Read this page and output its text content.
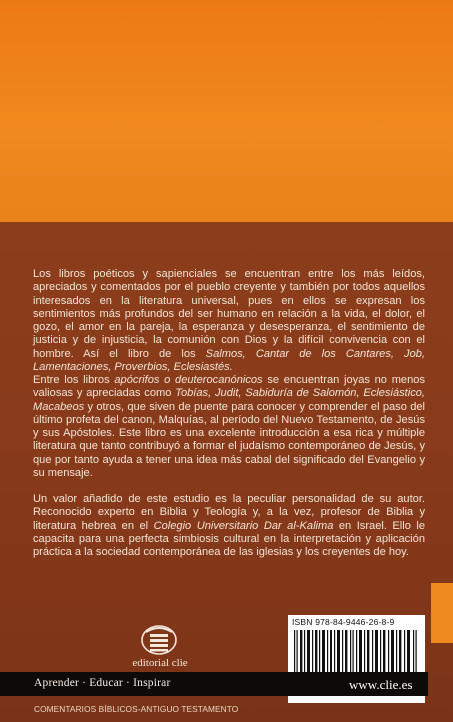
Los libros poéticos y sapienciales se encuentran entre los más leídos, apreciados y comentados por el pueblo creyente y también por todos aquellos interesados en la literatura universal, pues en ellos se expresan los sentimientos más profundos del ser humano en relación a la vida, el dolor, el gozo, el amor en la pareja, la esperanza y desesperanza, el sentimiento de justicia y de injusticia, la comunión con Dios y la difícil convivencia con el hombre. Así el libro de los Salmos, Cantar de los Cantares, Job, Lamentaciones, Proverbios, Eclesiastés.

Entre los libros apócrifos o deuterocanónicos se encuentran joyas no menos valiosas y apreciadas como Tobías, Judit, Sabiduría de Salomón, Eclesiástico, Macabeos y otros, que siven de puente para conocer y comprender el paso del último profeta del canon, Malquías, al período del Nuevo Testamento, de Jesús y sus Apóstoles. Este libro es una excelente introducción a esa rica y múltiple literatura que tanto contribuyó a formar el judaísmo contemporáneo de Jesús, y que por tanto ayuda a tener una idea más cabal del significado del Evangelio y su mensaje.

Un valor añadido de este estudio es la peculiar personalidad de su autor. Reconocido experto en Biblia y Teología y, a la vez, profesor de Biblia y literatura hebrea en el Colegio Universitario Dar al-Kalima en Israel. Ello le capacita para una perfecta simbiosis cultural en la interpretación y aplicación práctica a la sociedad contemporánea de las iglesias y los creyentes de hoy.

editorial clie
Aprender · Educar · Inspirar
ISBN 978-84-9446-26-8-9
www.clie.es
COMENTARIOS BÍBLICOS-ANTIGUO TESTAMENTO
